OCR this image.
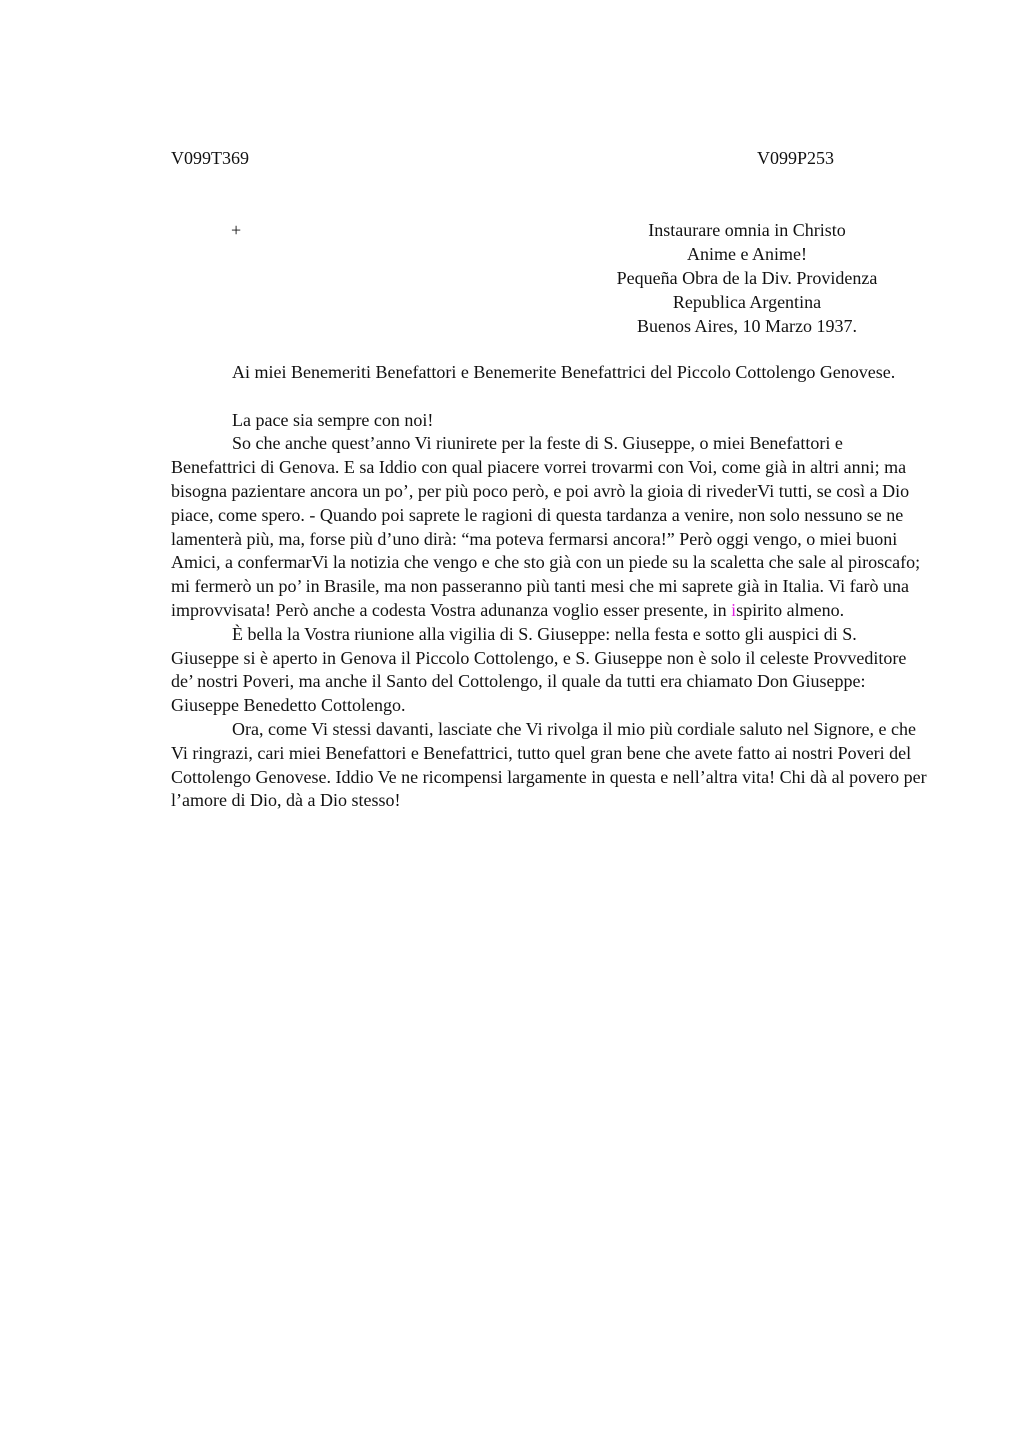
V099T369	V099P253
+	Instaurare omnia in Christo
Anime e Anime!
Pequeña Obra de la Div. Providenza
Republica Argentina
Buenos Aires, 10 Marzo 1937.

Ai miei Benemeriti Benefattori e Benemerite Benefattrici del Piccolo Cottolengo Genovese.

La pace sia sempre con noi!

So che anche quest’anno Vi riunirete per la feste di S. Giuseppe, o miei Benefattori e Benefattrici di Genova. E sa Iddio con qual piacere vorrei trovarmi con Voi, come già in altri anni; ma bisogna pazientare ancora un po’, per più poco però, e poi avrò la gioia di rivederVi tutti, se così a Dio piace, come spero. - Quando poi saprete le ragioni di questa tardanza a venire, non solo nessuno se ne lamenterà più, ma, forse più d’uno dirà: “ma poteva fermarsi ancora!” Però oggi vengo, o miei buoni Amici, a confermarVi la notizia che vengo e che sto già con un piede su la scaletta che sale al piroscafo; mi fermerò un po’ in Brasile, ma non passeranno più tanti mesi che mi saprete già in Italia. Vi farò una improvvisata! Però anche a codesta Vostra adunanza voglio esser presente, in ispirito almeno.

È bella la Vostra riunione alla vigilia di S. Giuseppe: nella festa e sotto gli auspici di S. Giuseppe si è aperto in Genova il Piccolo Cottolengo, e S. Giuseppe non è solo il celeste Provveditore de’ nostri Poveri, ma anche il Santo del Cottolengo, il quale da tutti era chiamato Don Giuseppe: Giuseppe Benedetto Cottolengo.

Ora, come Vi stessi davanti, lasciate che Vi rivolga il mio più cordiale saluto nel Signore, e che Vi ringrazi, cari miei Benefattori e Benefattrici, tutto quel gran bene che avete fatto ai nostri Poveri del Cottolengo Genovese. Iddio Ve ne ricompensi largamente in questa e nell’altra vita! Chi dà al povero per l’amore di Dio, dà a Dio stesso!
